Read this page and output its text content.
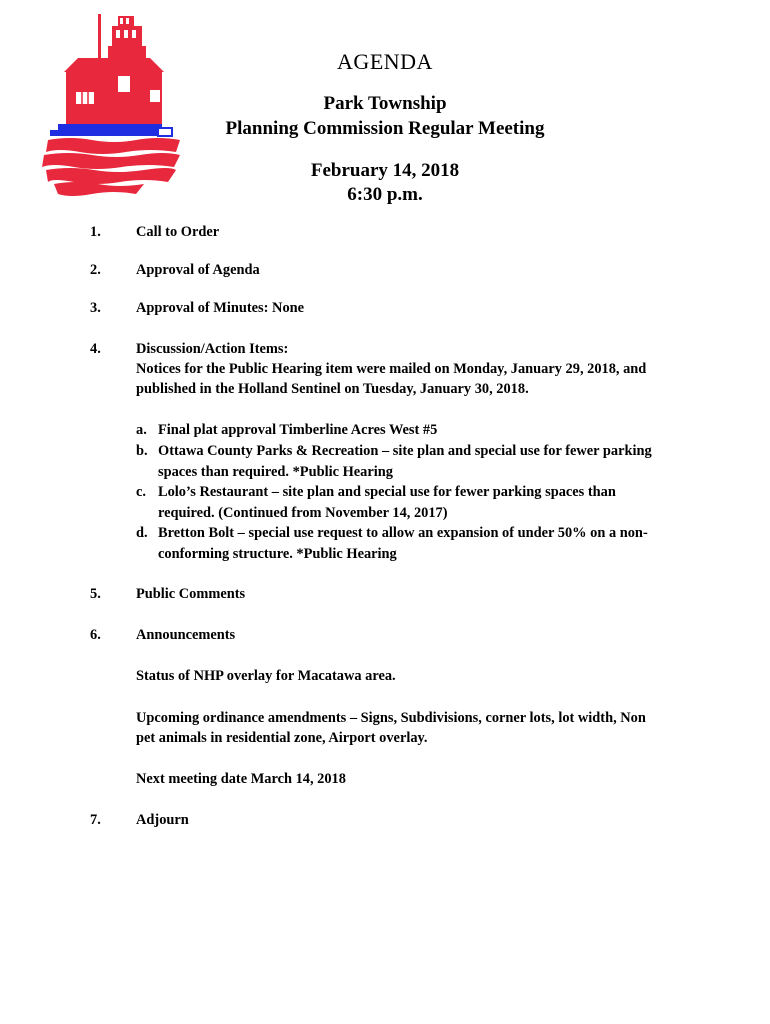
AGENDA
Park Township
Planning Commission Regular Meeting
February 14, 2018
6:30 p.m.
1. Call to Order
2. Approval of Agenda
3. Approval of Minutes: None
4. Discussion/Action Items:
Notices for the Public Hearing item were mailed on Monday, January 29, 2018, and
published in the Holland Sentinel on Tuesday, January 30, 2018.
a. Final plat approval Timberline Acres West #5
b. Ottawa County Parks & Recreation – site plan and special use for fewer parking
spaces than required. *Public Hearing
c. Lolo’s Restaurant – site plan and special use for fewer parking spaces than
required. (Continued from November 14, 2017)
d. Bretton Bolt – special use request to allow an expansion of under 50% on a non-
conforming structure. *Public Hearing
5. Public Comments
6. Announcements
Status of NHP overlay for Macatawa area.
Upcoming ordinance amendments – Signs, Subdivisions, corner lots, lot width, Non
pet animals in residential zone, Airport overlay.
Next meeting date March 14, 2018
7. Adjourn
